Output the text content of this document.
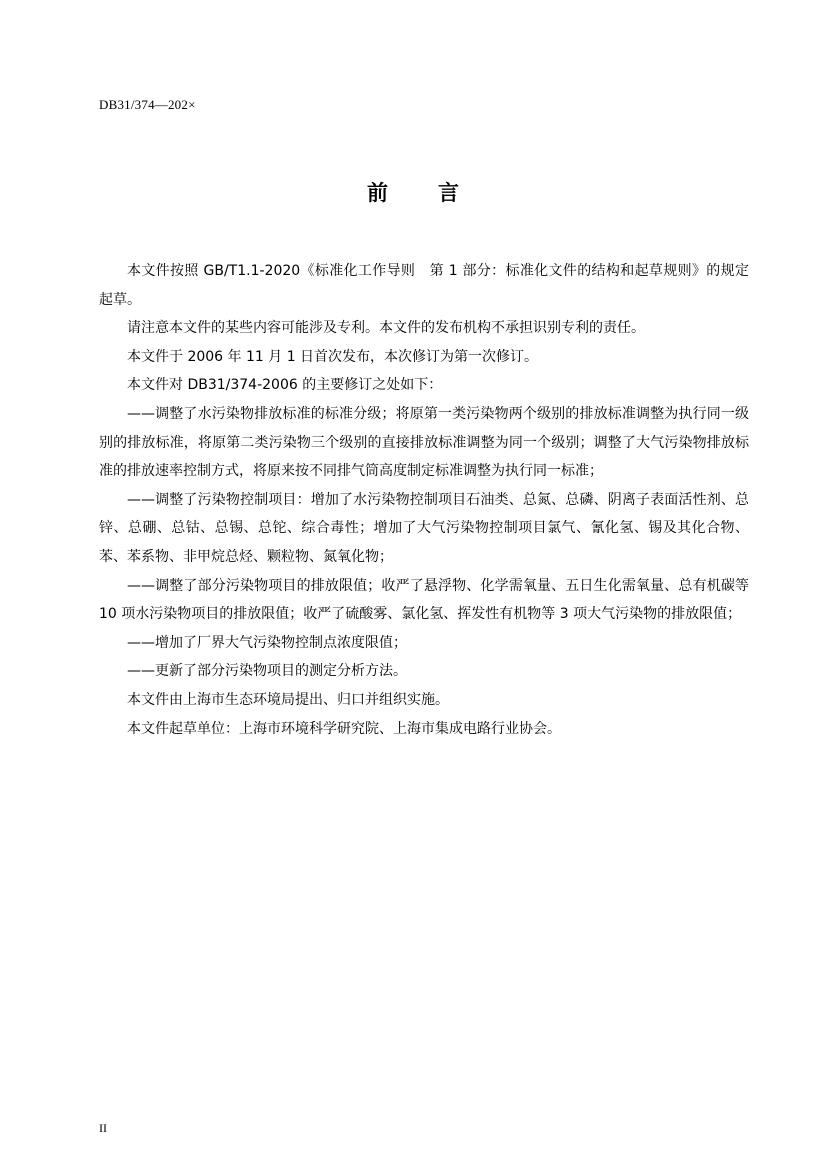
DB31/374—202×
前 言

本文件按照 GB/T1.1-2020《标准化工作导则　第 1 部分：标准化文件的结构和起草规则》的规定起草。

请注意本文件的某些内容可能涉及专利。本文件的发布机构不承担识别专利的责任。

本文件于 2006 年 11 月 1 日首次发布，本次修订为第一次修订。

本文件对 DB31/374-2006 的主要修订之处如下：

——调整了水污染物排放标准的标准分级；将原第一类污染物两个级别的排放标准调整为执行同一级别的排放标准，将原第二类污染物三个级别的直接排放标准调整为同一个级别；调整了大气污染物排放标准的排放速率控制方式，将原来按不同排气筒高度制定标准调整为执行同一标准；

——调整了污染物控制项目：增加了水污染物控制项目石油类、总氮、总磷、阴离子表面活性剂、总锌、总硼、总钴、总锡、总铊、综合毒性；增加了大气污染物控制项目氯气、氰化氢、锡及其化合物、苯、苯系物、非甲烷总烃、颗粒物、氮氧化物；

——调整了部分污染物项目的排放限值；收严了悬浮物、化学需氧量、五日生化需氧量、总有机碳等 10 项水污染物项目的排放限值；收严了硫酸雾、氯化氢、挥发性有机物等 3 项大气污染物的排放限值；

——增加了厂界大气污染物控制点浓度限值；

——更新了部分污染物项目的测定分析方法。

本文件由上海市生态环境局提出、归口并组织实施。

本文件起草单位：上海市环境科学研究院、上海市集成电路行业协会。

II
